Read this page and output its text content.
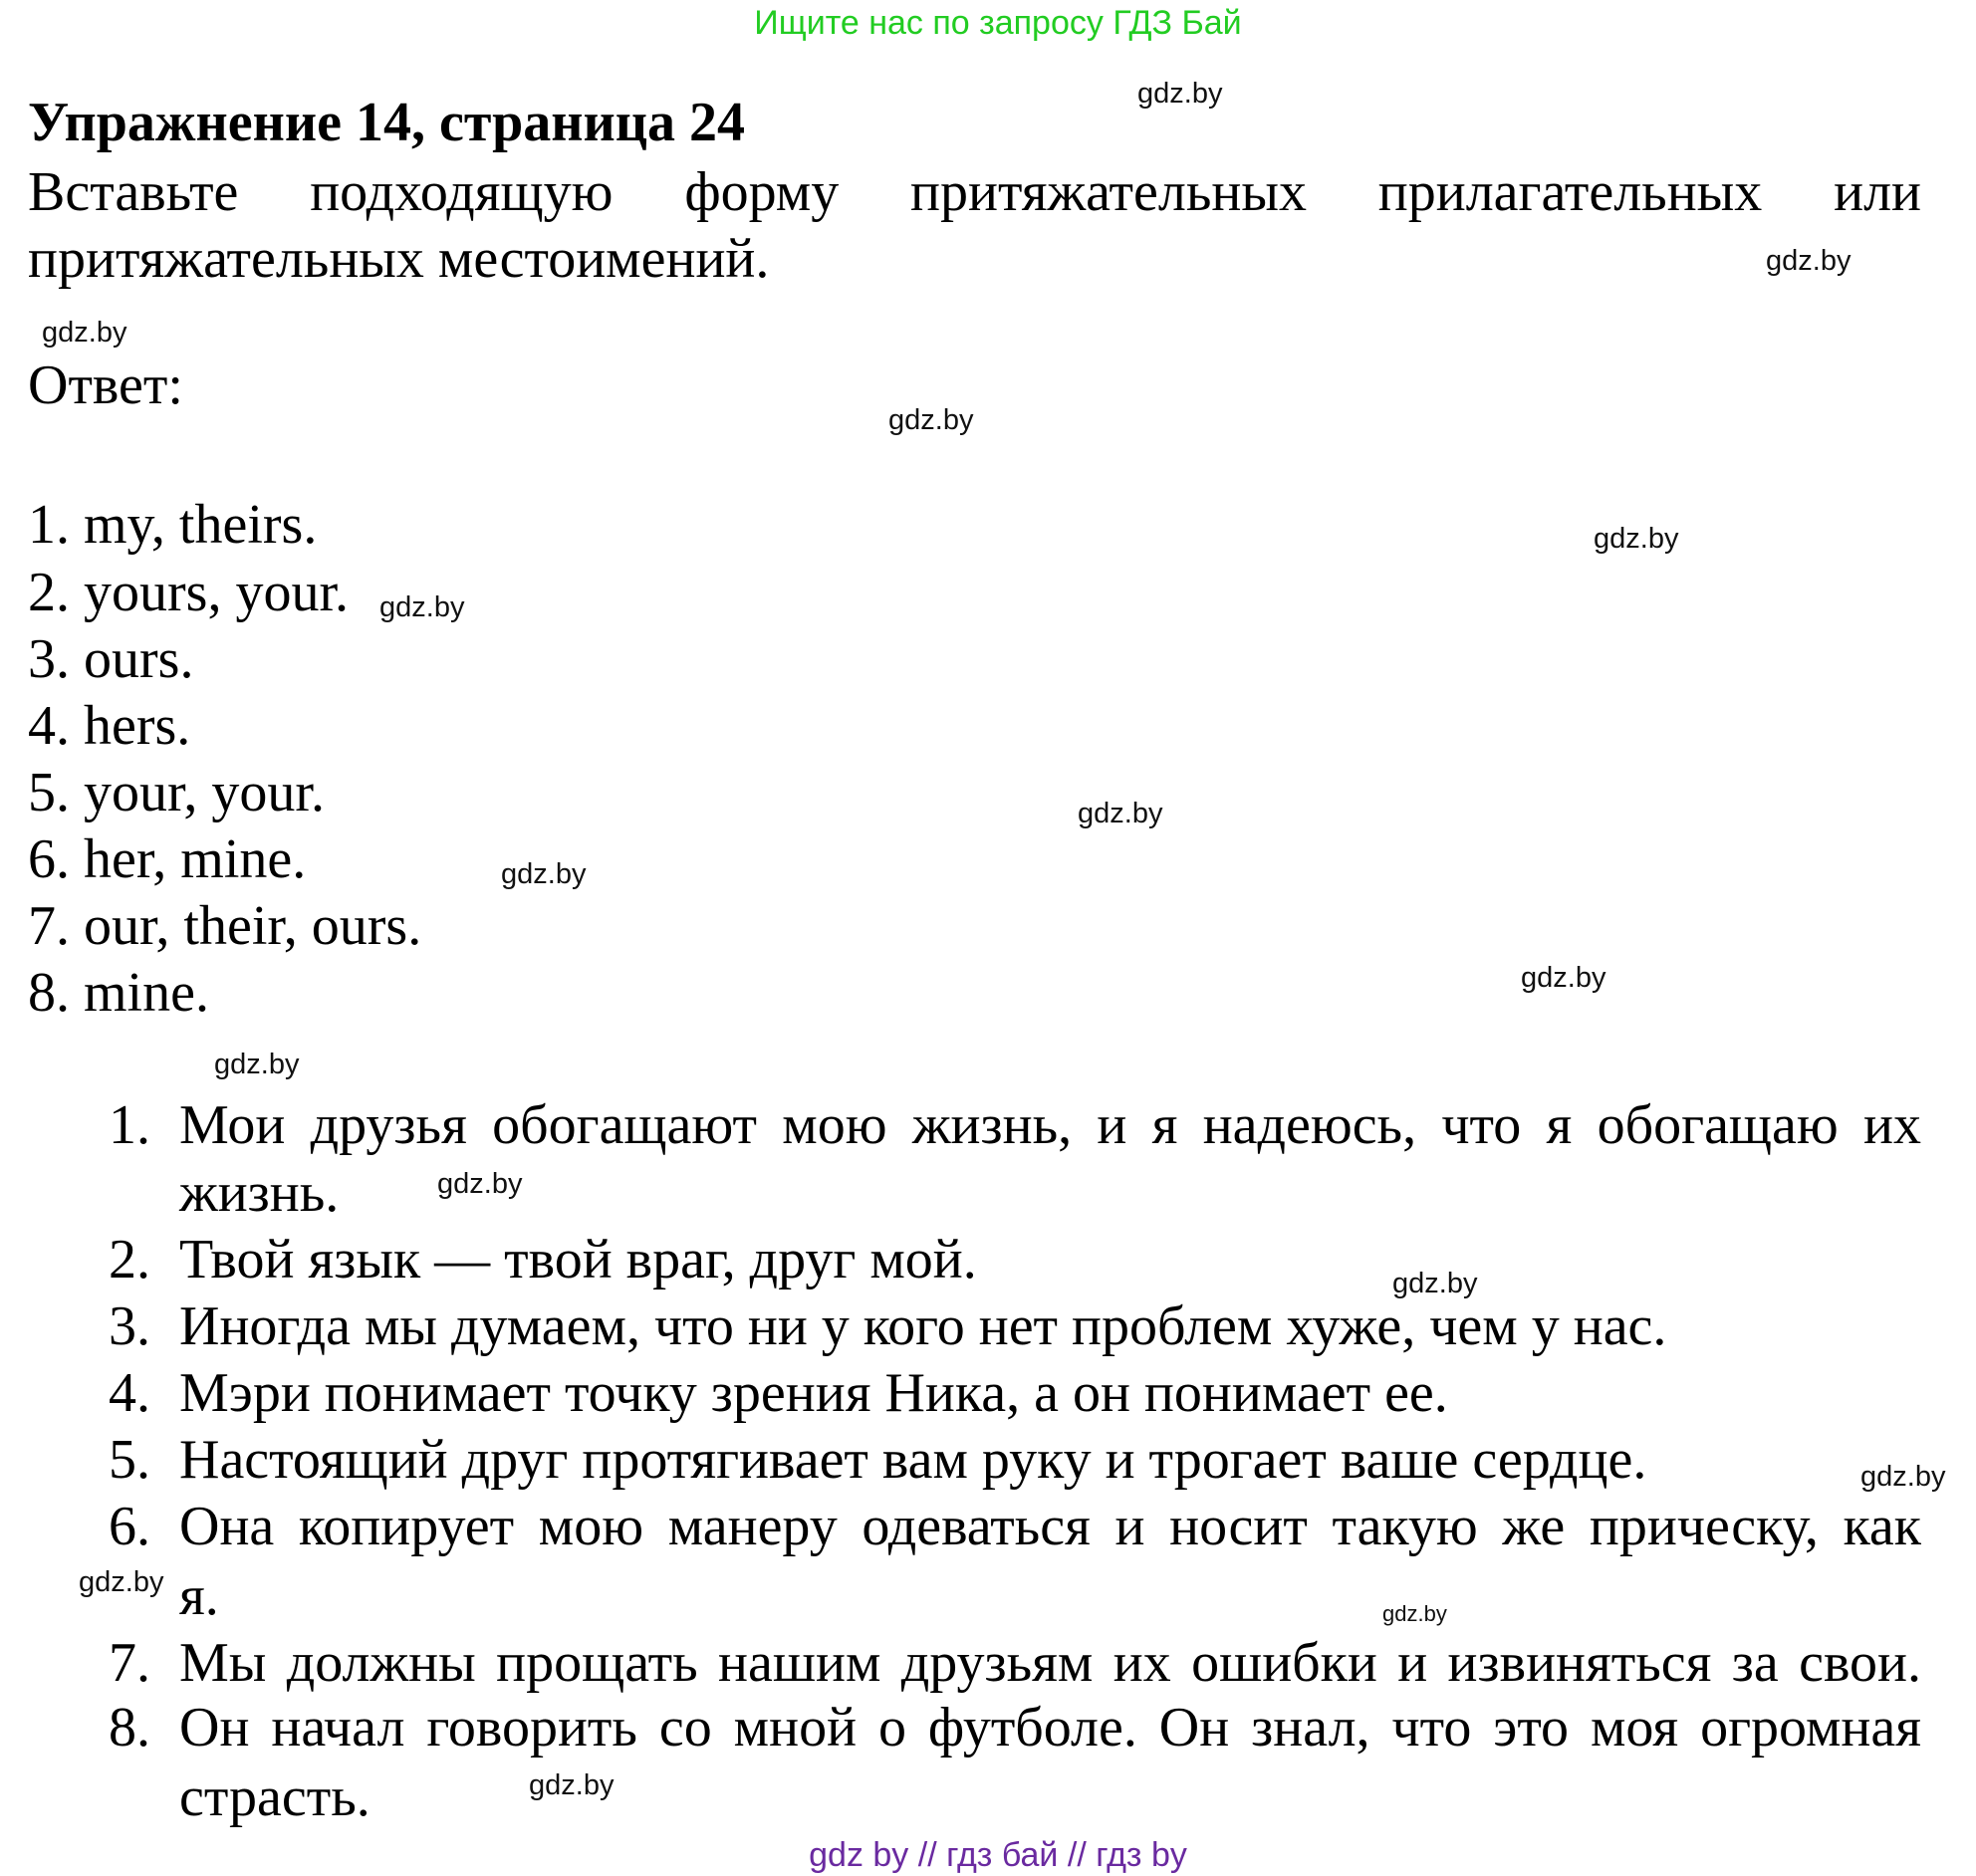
Ищите нас по запросу ГДЗ Бай
Упражнение 14, страница 24
Вставьте подходящую форму притяжательных прилагательных или
притяжательных местоимений.
Ответ:
1. my, theirs.
2. yours, your.
3. ours.
4. hers.
5. your, your.
6. her, mine.
7. our, their, ours.
8. mine.
1. Мои друзья обогащают мою жизнь, и я надеюсь, что я обогащаю их
жизнь.
2. Твой язык — твой враг, друг мой.
3. Иногда мы думаем, что ни у кого нет проблем хуже, чем у нас.
4. Мэри понимает точку зрения Ника, а он понимает ее.
5. Настоящий друг протягивает вам руку и трогает ваше сердце.
6. Она копирует мою манеру одеваться и носит такую же прическу, как
я.
7. Мы должны прощать нашим друзьям их ошибки и извиняться за свои.
8. Он начал говорить со мной о футболе. Он знал, что это моя огромная
страсть.
gdz.by
gdz.by
gdz.by
gdz.by
gdz.by
gdz.by
gdz.by
gdz.by
gdz.by
gdz.by
gdz.by
gdz.by
gdz.by
gdz.by
gdz.by
gdz.by
gdz by // гдз бай // гдз by
